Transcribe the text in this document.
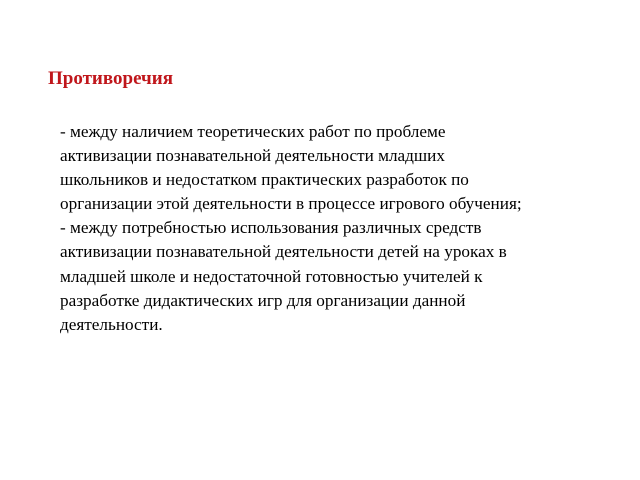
Противоречия

- между наличием теоретических работ по проблеме
активизации познавательной деятельности младших
школьников и недостатком практических разработок по
организации этой деятельности в процессе игрового обучения;

- между потребностью использования различных средств
активизации познавательной деятельности детей на уроках в
младшей школе и недостаточной готовностью учителей к
разработке дидактических игр для организации данной
деятельности.
